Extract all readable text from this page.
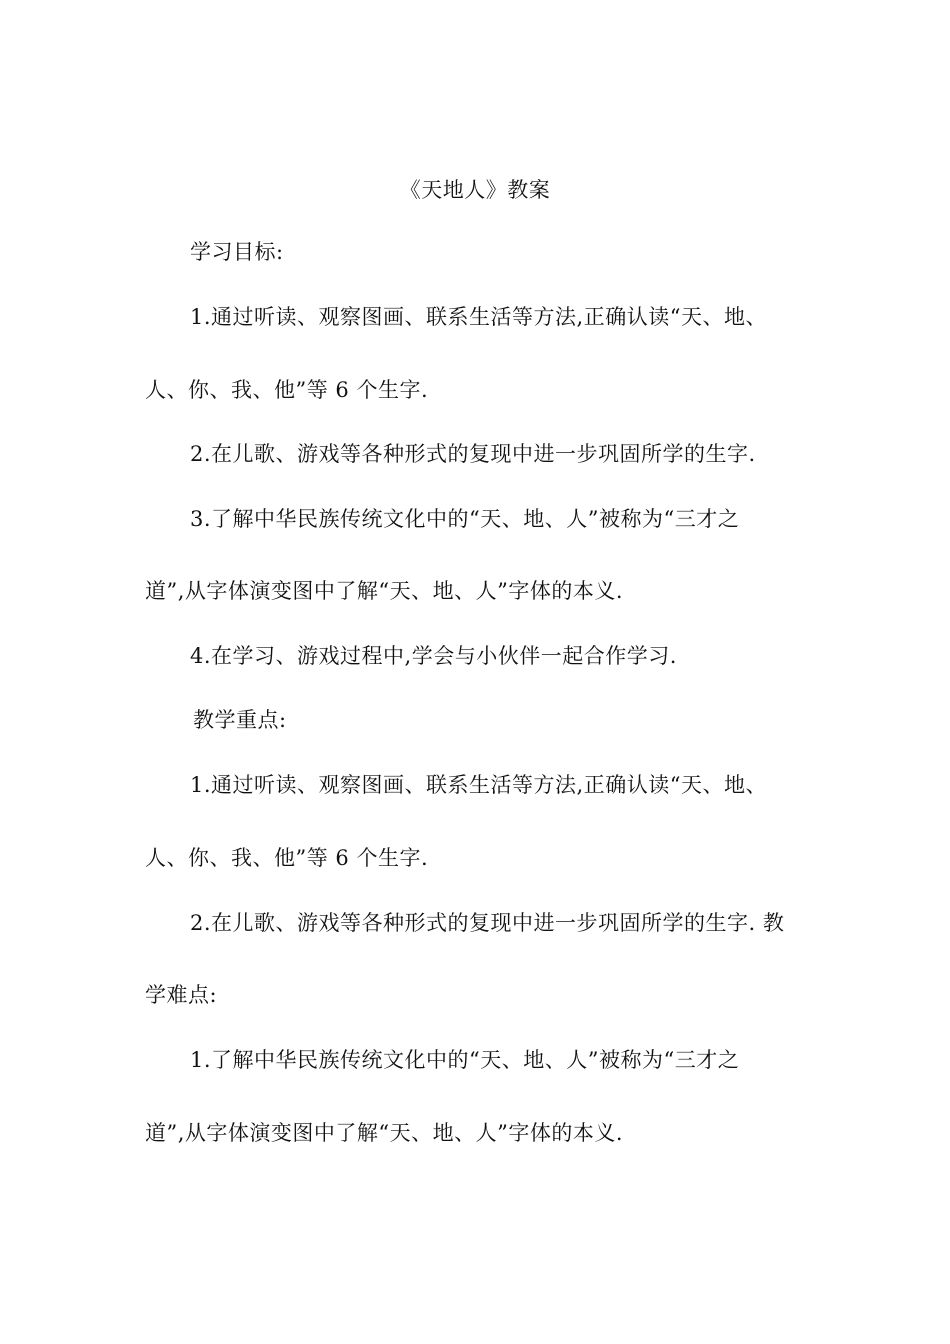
《天地人》教案
学习目标:
1.通过听读、观察图画、联系生活等方法,正确认读“天、地、
人、你、我、他”等 6 个生字.
2.在儿歌、游戏等各种形式的复现中进一步巩固所学的生字.
3.了解中华民族传统文化中的“天、地、人”被称为“三才之
道”,从字体演变图中了解“天、地、人”字体的本义.
4.在学习、游戏过程中,学会与小伙伴一起合作学习.
教学重点:
1.通过听读、观察图画、联系生活等方法,正确认读“天、地、
人、你、我、他”等 6 个生字.
2.在儿歌、游戏等各种形式的复现中进一步巩固所学的生字. 教
学难点:
1.了解中华民族传统文化中的“天、地、人”被称为“三才之
道”,从字体演变图中了解“天、地、人”字体的本义.
